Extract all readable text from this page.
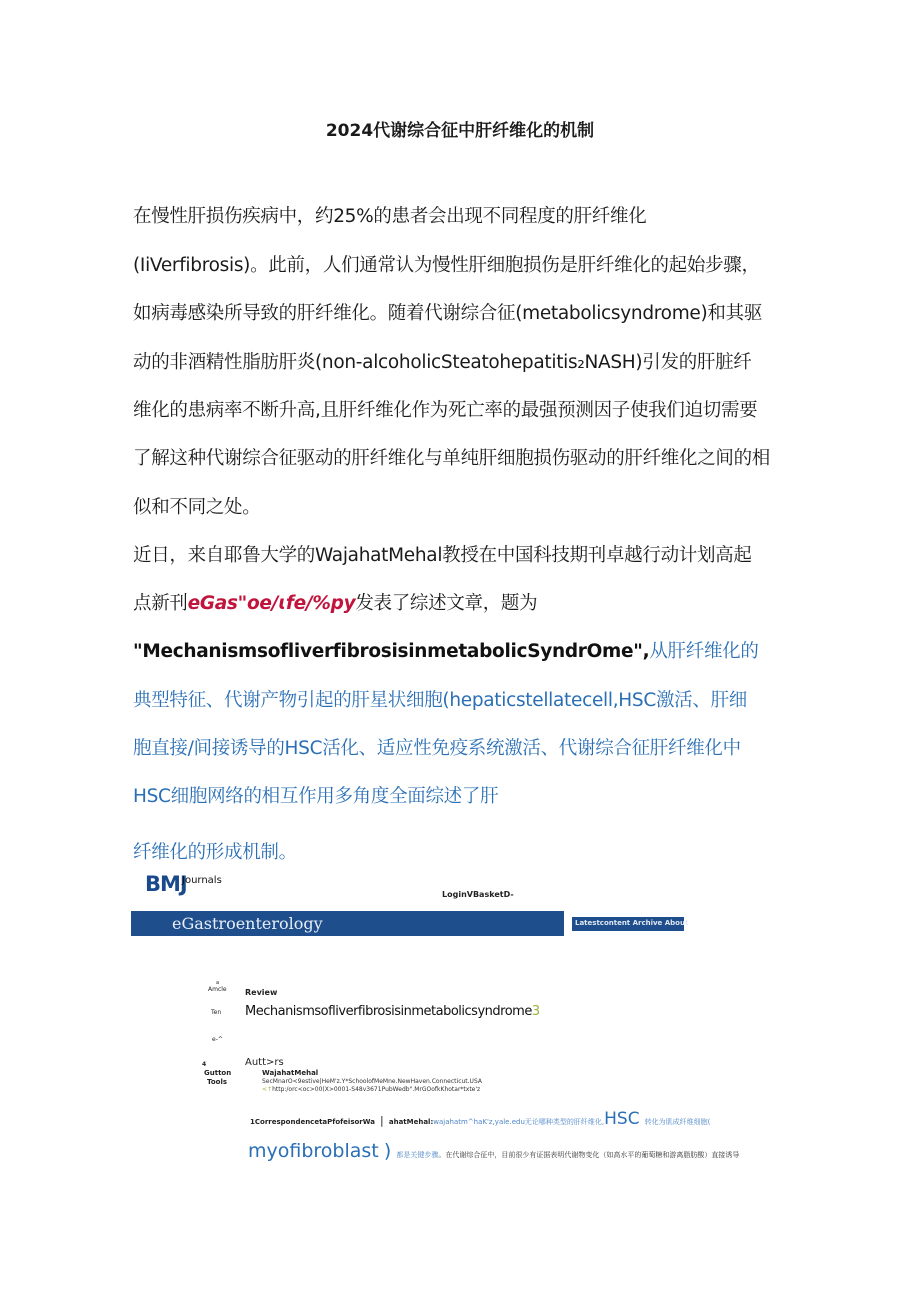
2024代谢综合征中肝纤维化的机制
在慢性肝损伤疾病中，约25%的患者会出现不同程度的肝纤维化
(IiVerfibrosis)。此前，人们通常认为慢性肝细胞损伤是肝纤维化的起始步骤，
如病毒感染所导致的肝纤维化。随着代谢综合征(metabolicsyndrome)和其驱
动的非酒精性脂肪肝炎(non-alcoholicSteatohepatitis₂NASH)引发的肝脏纤
维化的患病率不断升高,且肝纤维化作为死亡率的最强预测因子使我们迫切需要
了解这种代谢综合征驱动的肝纤维化与单纯肝细胞损伤驱动的肝纤维化之间的相
似和不同之处。
近日，来自耶鲁大学的WajahatMehal教授在中国科技期刊卓越行动计划高起
点新刊eGas"oe/ɩfe/%py发表了综述文章，题为
"MechanismsofliverfibrosisinmetabolicSyndrOme",从肝纤维化的
典型特征、代谢产物引起的肝星状细胞(hepaticstellatecell,HSC激活、肝细
胞直接/间接诱导的HSC活化、适应性免疫系统激活、代谢综合征肝纤维化中
HSC细胞网络的相互作用多角度全面综述了肝
纤维化的形成机制。
BMJ
Journals
LoginVBasketD-
eGastroenterology	Latestcontent Archive About
a
Amcle Review
Ten Mechanismsofliverfibrosisinmetabolicsyndrome3
e-^
4
Gutton
Tools
Autt>rs
WajahatMehal
SecMnarO<9estive|HeM'z.Y*SchoolofMeMne.NewHaven.Connecticut.USA
<↑http:/orc<oc>00(X>0001-S48v3671PubWedb".MrGOofkKhotar*txte'z
1CorrespondencetaPfofeisorWa | ahatMehal:wajahatm^haK'z,yale.edu无论哪种类型的肝纤维化,HSC 转化为肌成纤维细胞(
myofibroblast ) 都是关键步骤。在代谢综合征中，目前很少有证据表明代谢物变化（如高水平的葡萄糖和游离脂肪酸）直接诱导
